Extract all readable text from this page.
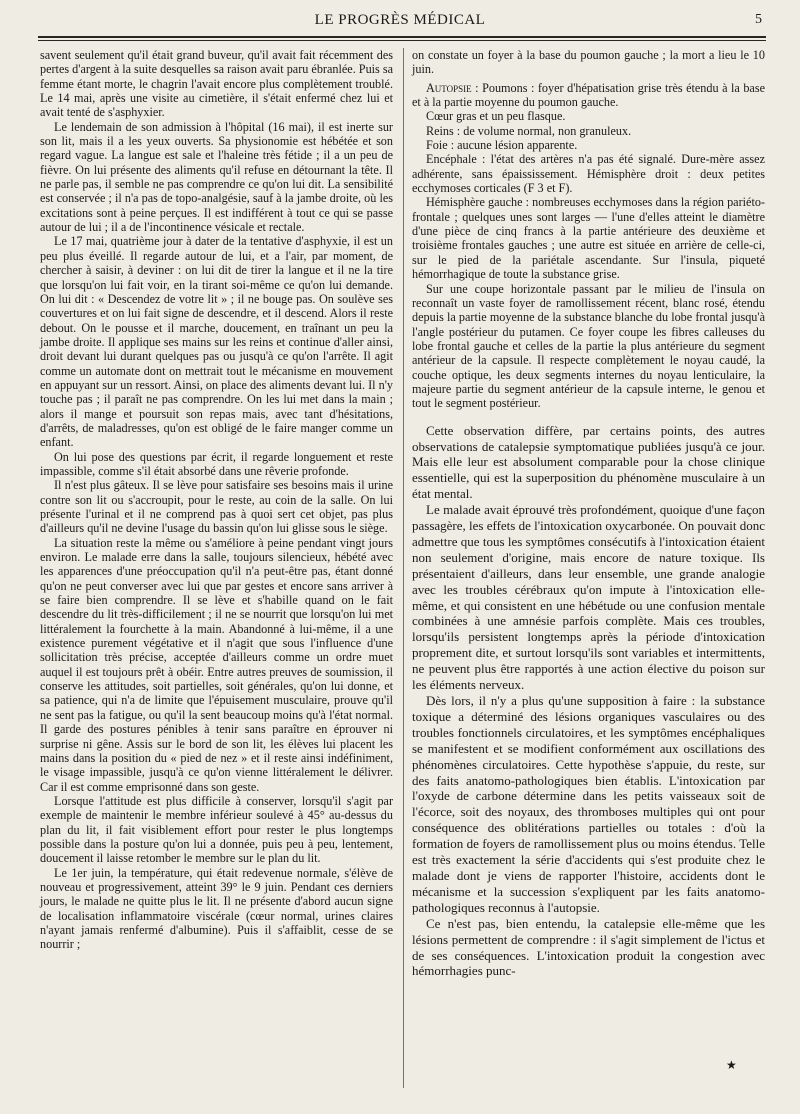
LE PROGRÈS MÉDICAL	5

savent seulement qu'il était grand buveur, qu'il avait fait récemment des pertes d'argent à la suite desquelles sa raison avait paru ébranlée. Puis sa femme étant morte, le chagrin l'avait encore plus complètement troublé. Le 14 mai, après une visite au cimetière, il s'était enfermé chez lui et avait tenté de s'asphyxier.

Le lendemain de son admission à l'hôpital (16 mai), il est inerte sur son lit, mais il a les yeux ouverts. Sa physionomie est hébétée et son regard vague. La langue est sale et l'haleine très fétide ; il a un peu de fièvre. On lui présente des aliments qu'il refuse en détournant la tête. Il ne parle pas, il semble ne pas comprendre ce qu'on lui dit. La sensibilité est conservée ; il n'a pas de topo-analgésie, sauf à la jambe droite, où les excitations sont à peine perçues. Il est indifférent à tout ce qui se passe autour de lui ; il a de l'incontinence vésicale et rectale.

Le 17 mai, quatrième jour à dater de la tentative d'asphyxie, il est un peu plus éveillé. Il regarde autour de lui, et a l'air, par moment, de chercher à saisir, à deviner : on lui dit de tirer la langue et il ne la tire que lorsqu'on lui fait voir, en la tirant soi-même ce qu'on lui demande. On lui dit : « Descendez de votre lit » ; il ne bouge pas. On soulève ses couvertures et on lui fait signe de descendre, et il descend. Alors il reste debout. On le pousse et il marche, doucement, en traînant un peu la jambe droite. Il applique ses mains sur les reins et continue d'aller ainsi, droit devant lui durant quelques pas ou jusqu'à ce qu'on l'arrête. Il agit comme un automate dont on mettrait tout le mécanisme en mouvement en appuyant sur un ressort. Ainsi, on place des aliments devant lui. Il n'y touche pas ; il paraît ne pas comprendre. On les lui met dans la main ; alors il mange et poursuit son repas mais, avec tant d'hésitations, d'arrêts, de maladresses, qu'on est obligé de le faire manger comme un enfant.

On lui pose des questions par écrit, il regarde longuement et reste impassible, comme s'il était absorbé dans une rêverie profonde.

Il n'est plus gâteux. Il se lève pour satisfaire ses besoins mais il urine contre son lit ou s'accroupit, pour le reste, au coin de la salle. On lui présente l'urinal et il ne comprend pas à quoi sert cet objet, pas plus d'ailleurs qu'il ne devine l'usage du bassin qu'on lui glisse sous le siège.

La situation reste la même ou s'améliore à peine pendant vingt jours environ. Le malade erre dans la salle, toujours silencieux, hébété avec les apparences d'une préoccupation qu'il n'a peut-être pas, étant donné qu'on ne peut converser avec lui que par gestes et encore sans arriver à se faire bien comprendre. Il se lève et s'habille quand on le fait descendre du lit très-difficilement ; il ne se nourrit que lorsqu'on lui met littéralement la fourchette à la main. Abandonné à lui-même, il a une existence purement végétative et il n'agit que sous l'influence d'une sollicitation très précise, acceptée d'ailleurs comme un ordre muet auquel il est toujours prêt à obéir. Entre autres preuves de soumission, il conserve les attitudes, soit partielles, soit générales, qu'on lui donne, et sa patience, qui n'a de limite que l'épuisement musculaire, prouve qu'il ne sent pas la fatigue, ou qu'il la sent beaucoup moins qu'à l'état normal. Il garde des postures pénibles à tenir sans paraître en éprouver ni surprise ni gêne. Assis sur le bord de son lit, les élèves lui placent les mains dans la position du « pied de nez » et il reste ainsi indéfiniment, le visage impassible, jusqu'à ce qu'on vienne littéralement le délivrer. Car il est comme emprisonné dans son geste.

Lorsque l'attitude est plus difficile à conserver, lorsqu'il s'agit par exemple de maintenir le membre inférieur soulevé à 45° au-dessus du plan du lit, il fait visiblement effort pour rester le plus longtemps possible dans la posture qu'on lui a donnée, puis peu à peu, lentement, doucement il laisse retomber le membre sur le plan du lit.

Le 1er juin, la température, qui était redevenue normale, s'élève de nouveau et progressivement, atteint 39° le 9 juin. Pendant ces derniers jours, le malade ne quitte plus le lit. Il ne présente d'abord aucun signe de localisation inflammatoire viscérale (cœur normal, urines claires n'ayant jamais renfermé d'albumine). Puis il s'affaiblit, cesse de se nourrir ;

on constate un foyer à la base du poumon gauche ; la mort a lieu le 10 juin.

Autopsie : Poumons : foyer d'hépatisation grise très étendu à la base et à la partie moyenne du poumon gauche.

Cœur gras et un peu flasque.

Reins : de volume normal, non granuleux.

Foie : aucune lésion apparente.

Encéphale : l'état des artères n'a pas été signalé. Dure-mère assez adhérente, sans épaississement. Hémisphère droit : deux petites ecchymoses corticales (F 3 et F).

Hémisphère gauche : nombreuses ecchymoses dans la région pariéto-frontale ; quelques unes sont larges — l'une d'elles atteint le diamètre d'une pièce de cinq francs à la partie antérieure des deuxième et troisième frontales gauches ; une autre est située en arrière de celle-ci, sur le pied de la pariétale ascendante. Sur l'insula, piqueté hémorrhagique de toute la substance grise.

Sur une coupe horizontale passant par le milieu de l'insula on reconnaît un vaste foyer de ramollissement récent, blanc rosé, étendu depuis la partie moyenne de la substance blanche du lobe frontal jusqu'à l'angle postérieur du putamen. Ce foyer coupe les fibres calleuses du lobe frontal gauche et celles de la partie la plus antérieure du segment antérieur de la capsule. Il respecte complètement le noyau caudé, la couche optique, les deux segments internes du noyau lenticulaire, la majeure partie du segment antérieur de la capsule interne, le genou et tout le segment postérieur.

Cette observation diffère, par certains points, des autres observations de catalepsie symptomatique publiées jusqu'à ce jour. Mais elle leur est absolument comparable pour la chose clinique essentielle, qui est la superposition du phénomène musculaire à un état mental.

Le malade avait éprouvé très profondément, quoique d'une façon passagère, les effets de l'intoxication oxycarbonée. On pouvait donc admettre que tous les symptômes consécutifs à l'intoxication étaient non seulement d'origine, mais encore de nature toxique. Ils présentaient d'ailleurs, dans leur ensemble, une grande analogie avec les troubles cérébraux qu'on impute à l'intoxication elle-même, et qui consistent en une hébétude ou une confusion mentale combinées à une amnésie parfois complète. Mais ces troubles, lorsqu'ils persistent longtemps après la période d'intoxication proprement dite, et surtout lorsqu'ils sont variables et intermittents, ne peuvent plus être rapportés à une action élective du poison sur les éléments nerveux.

Dès lors, il n'y a plus qu'une supposition à faire : la substance toxique a déterminé des lésions organiques vasculaires ou des troubles fonctionnels circulatoires, et les symptômes encéphaliques se manifestent et se modifient conformément aux oscillations des phénomènes circulatoires. Cette hypothèse s'appuie, du reste, sur des faits anatomo-pathologiques bien établis. L'intoxication par l'oxyde de carbone détermine dans les petits vaisseaux soit de l'écorce, soit des noyaux, des thromboses multiples qui ont pour conséquence des oblitérations partielles ou totales : d'où la formation de foyers de ramollissement plus ou moins étendus. Telle est très exactement la série d'accidents qui s'est produite chez le malade dont je viens de rapporter l'histoire, accidents dont le mécanisme et la succession s'expliquent par les faits anatomo-pathologiques reconnus à l'autopsie.

Ce n'est pas, bien entendu, la catalepsie elle-même que les lésions permettent de comprendre : il s'agit simplement de l'ictus et de ses conséquences. L'intoxication produit la congestion avec hémorrhagies punc-

★
